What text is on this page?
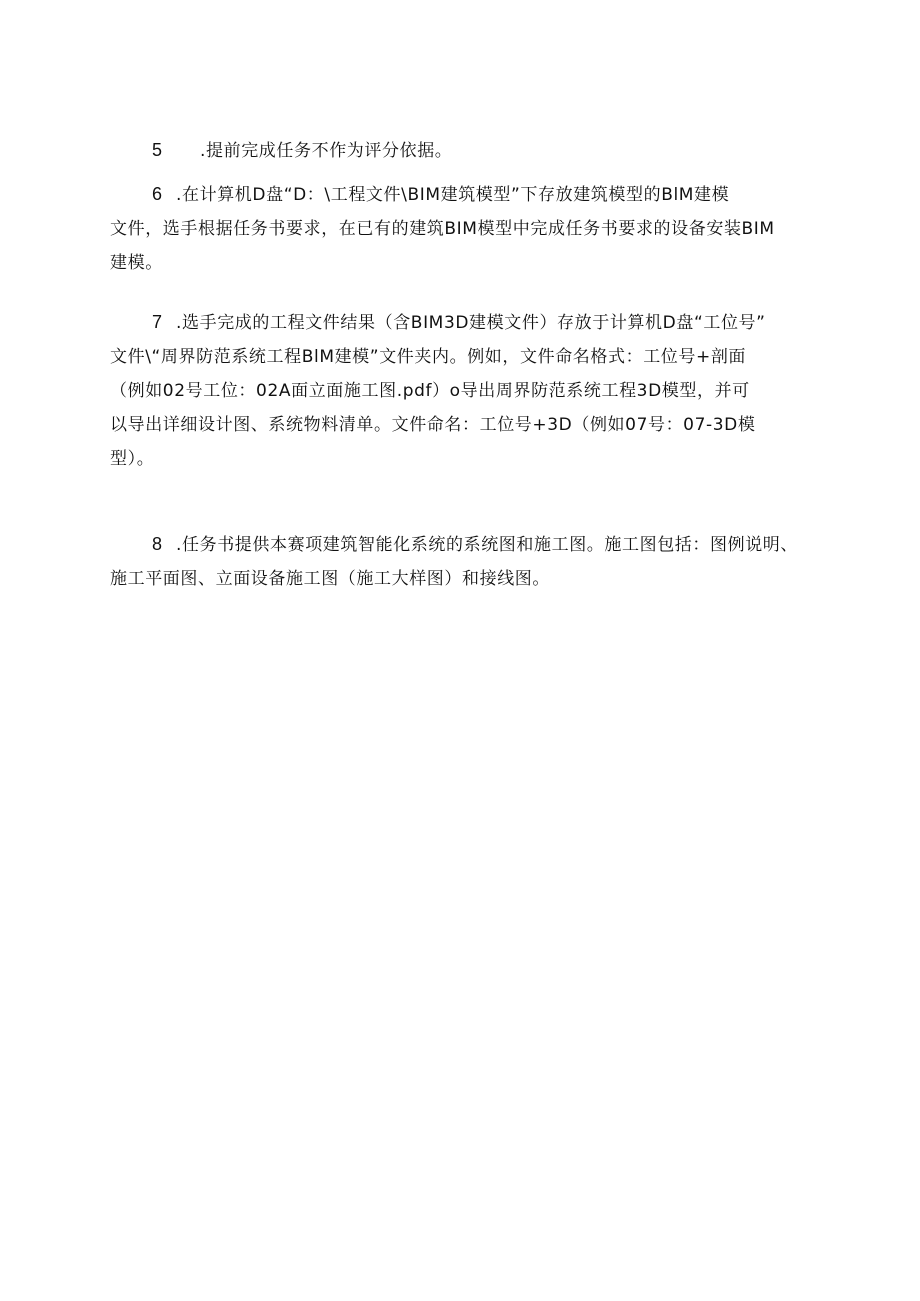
5 .提前完成任务不作为评分依据。
6 .在计算机D盘“D：\工程文件\BIM建筑模型”下存放建筑模型的BlM建模
文件，选手根据任务书要求，在已有的建筑BIM模型中完成任务书要求的设备安装BIM
建模。
7 .选手完成的工程文件结果（含BIM3D建模文件）存放于计算机D盘“工位号”
文件\“周界防范系统工程BlM建模”文件夹内。例如，文件命名格式：工位号+剖面
（例如02号工位：02A面立面施工图.pdf）o导出周界防范系统工程3D模型，并可
以导出详细设计图、系统物料清单。文件命名：工位号+3D（例如07号：07-3D模
型）。
8 .任务书提供本赛项建筑智能化系统的系统图和施工图。施工图包括：图例说明、
施工平面图、立面设备施工图（施工大样图）和接线图。
